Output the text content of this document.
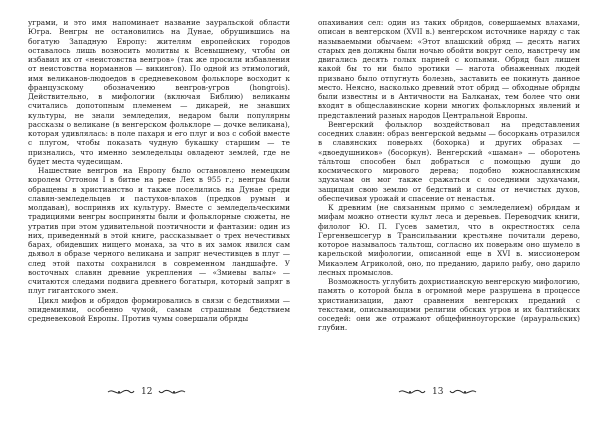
уграми, и это имя напоминает название зауральской области Югра. Венгры не остановились на Дунае, обрушившись на богатую Западную Европу: жителям европейских городов оставалось лишь возносить молитвы к Всевышнему, чтобы он избавил их от «неистовства венгров» (так же просили избавления от неистовства норманнов — викингов). По одной из этимологий, имя великанов-людоедов в средневековом фольклоре восходит к французскому обозначению венгров-угров (hongrois). Действительно, в мифологии (включая Библию) великаны считались допотопным племенем — дикарей, не знавших культуры, не знали земледелия, недаром были популярны рассказы о великане (в венгерском фольклоре — дочке великана), которая удивлялась: в поле пахаря и его плуг и воз с собой вместе с плугом, чтобы показать чудную букашку старшим — те признались, что именно земледельцы овладеют землей, где не будет места чудесищам.

Нашествие венгров на Европу было остановлено немецким королем Оттоном I в битве на реке Лех в 955 г.; венгры были обращены в христианство и также поселились на Дунае среди славян-земледельцев и пастухов-влахов (предков румын и молдаван), восприняв их культуру. Вместе с земледельческими традициями венгры восприняты были и фольклорные сюжеты, не утратив при этом удивительной поэтичности и фантазии: один из них, приведенный в этой книге, рассказывает о трех нечестивых барах, обидевших нищего монаха, за что в их замок явился сам дьявол в образе черного великана и запряг нечестивцев в плуг — след этой пахоты сохранился в современном ландшафте. У восточных славян древние укрепления — «Змиевы валы» — считаются следами подвига древнего богатыря, который запряг в плуг гигантского змея.

Цикл мифов и обрядов формировались в связи с бедствиями — эпидемиями, особенно чумой, самым страшным бедствием средневековой Европы. Против чумы совершали обряды

опахивания сел: один из таких обрядов, совершаемых влахами, описан в венгерском (XVII в.) венгерском источнике наряду с так называемыми обычаем: «Этот влашский обряд — десять нагих старых дев должны были ночью обойти вокруг село, навстречу им двигались десять голых парней с копьями. Обряд был лишен какой бы то ни было эротики — нагота обнаженных людей призвано было отпугнуть болезнь, заставить ее покинуть данное место. Неясно, насколько древний этот обряд — обходные обряды были известны и в Античности на Балканах, тем более что они входят в общеславянские корни многих фольклорных явлений и представлений разных народов Центральной Европы.

Венгерский фольклор воздействовал на представления соседних славян: образ венгерской ведьмы — босоркань отразился в славянских поверьях (бохорка) и других образах — «двоедушников» (босоркун). Венгерский «шаман» — оборотень тáльтош способен был добраться с помощью души до космического мирового дерева; подобно южнославянским здухачам он мог также сражаться с соседними здухачами, защищая свою землю от бедствий и силы от нечистых духов, обеспечивая урожай и спасение от ненастья.

К древним (не связанным прямо с земледелием) обрядам и мифам можно отнести культ леса и деревьев. Переводчик книги, филолог Ю. П. Гусев заметил, что в окрестностях села Гергенвешсегур в Трансильвании крестьяне почитали дерево, которое называлось тальтош, согласно их поверьям оно шумело в карельской мифологии, описанной еще в XVI в. миссионером Микаэлем Агриколой, оно, по преданию, дарило рыбу, оно дарило лесных промыслов.

Возможность углубить дохристианскую венгерскую мифологию, память о которой была в огромной мере разрушена в процессе христианизации, дают сравнения венгерских преданий с текстами, описывающими религии обских угров и их балтийских соседей: они же отражают общефинноугорские (ирауральских) глубин.

12	13
